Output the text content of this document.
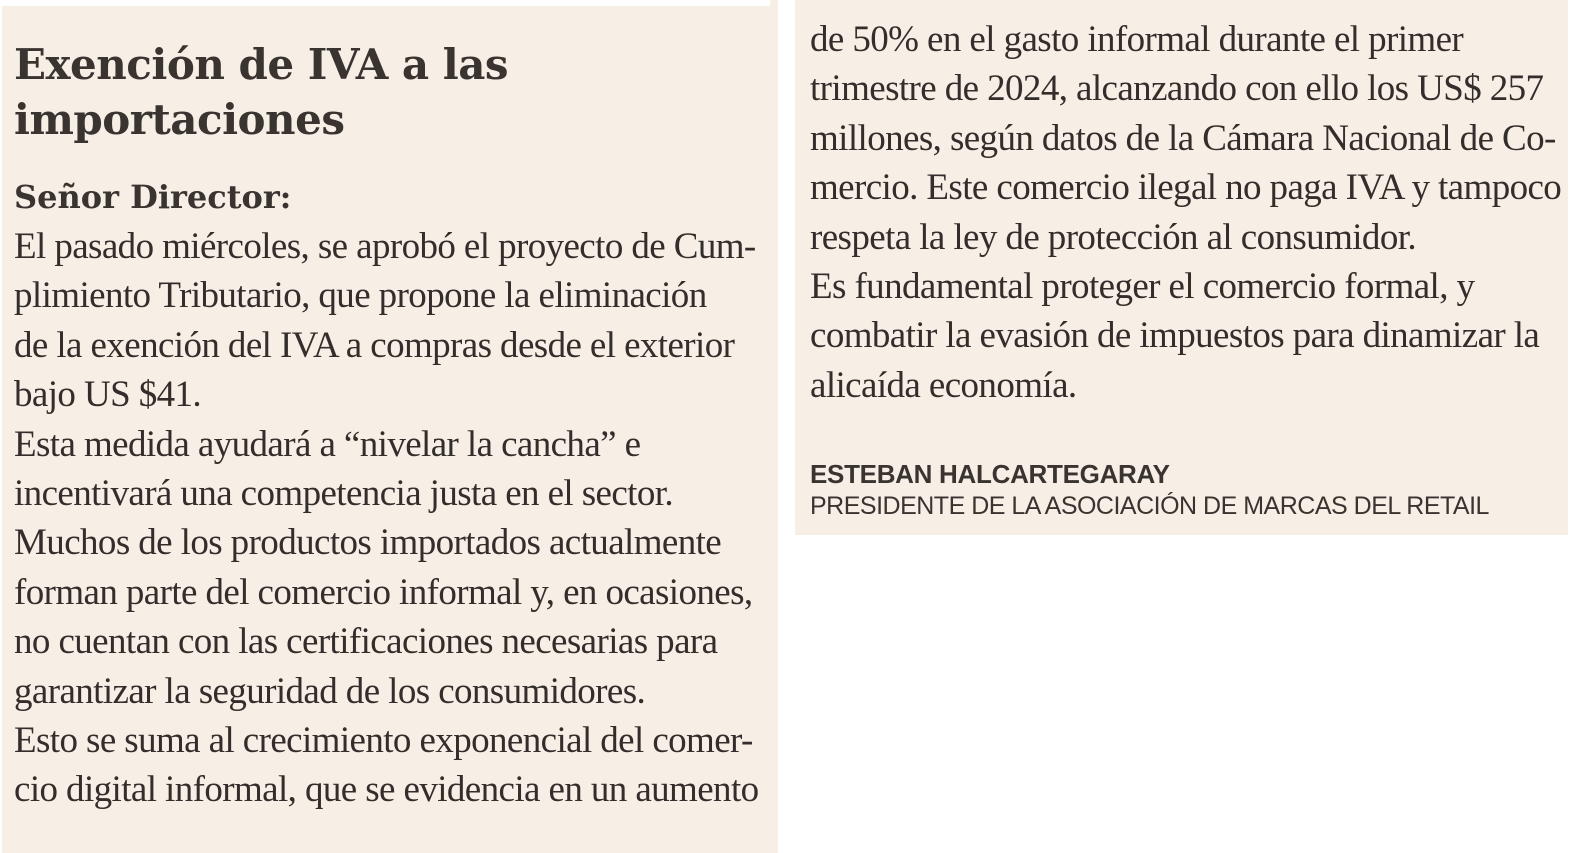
Exención de IVA a las importaciones

Señor Director:

El pasado miércoles, se aprobó el proyecto de Cum-
plimiento Tributario, que propone la eliminación
de la exención del IVA a compras desde el exterior
bajo US $41.
Esta medida ayudará a “nivelar la cancha” e
incentivará una competencia justa en el sector.
Muchos de los productos importados actualmente
forman parte del comercio informal y, en ocasiones,
no cuentan con las certificaciones necesarias para
garantizar la seguridad de los consumidores.
Esto se suma al crecimiento exponencial del comer-
cio digital informal, que se evidencia en un aumento
de 50% en el gasto informal durante el primer
trimestre de 2024, alcanzando con ello los US$ 257
millones, según datos de la Cámara Nacional de Co-
mercio. Este comercio ilegal no paga IVA y tampoco
respeta la ley de protección al consumidor.
Es fundamental proteger el comercio formal, y
combatir la evasión de impuestos para dinamizar la
alicaída economía.

ESTEBAN HALCARTEGARAY

PRESIDENTE DE LA ASOCIACIÓN DE MARCAS DEL RETAIL
